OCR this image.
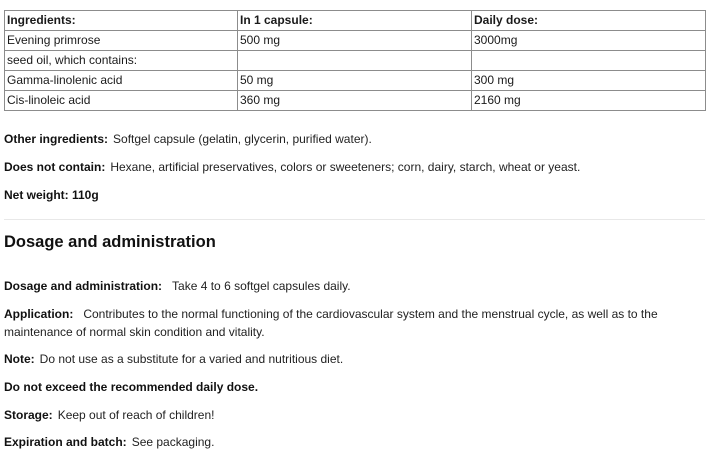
Ingredients:	In 1 capsule:	Daily dose:
Evening primrose	500 mg	3000mg
seed oil, which contains:		
Gamma-linolenic acid	50 mg	300 mg
Cis-linoleic acid	360 mg	2160 mg
Other ingredients: Softgel capsule (gelatin, glycerin, purified water).
Does not contain: Hexane, artificial preservatives, colors or sweeteners; corn, dairy, starch, wheat or yeast.
Net weight: 110g
Dosage and administration
Dosage and administration: Take 4 to 6 softgel capsules daily.
Application: Contributes to the normal functioning of the cardiovascular system and the menstrual cycle, as well as to the maintenance of normal skin condition and vitality.
Note: Do not use as a substitute for a varied and nutritious diet.
Do not exceed the recommended daily dose.
Storage: Keep out of reach of children!
Expiration and batch: See packaging.
